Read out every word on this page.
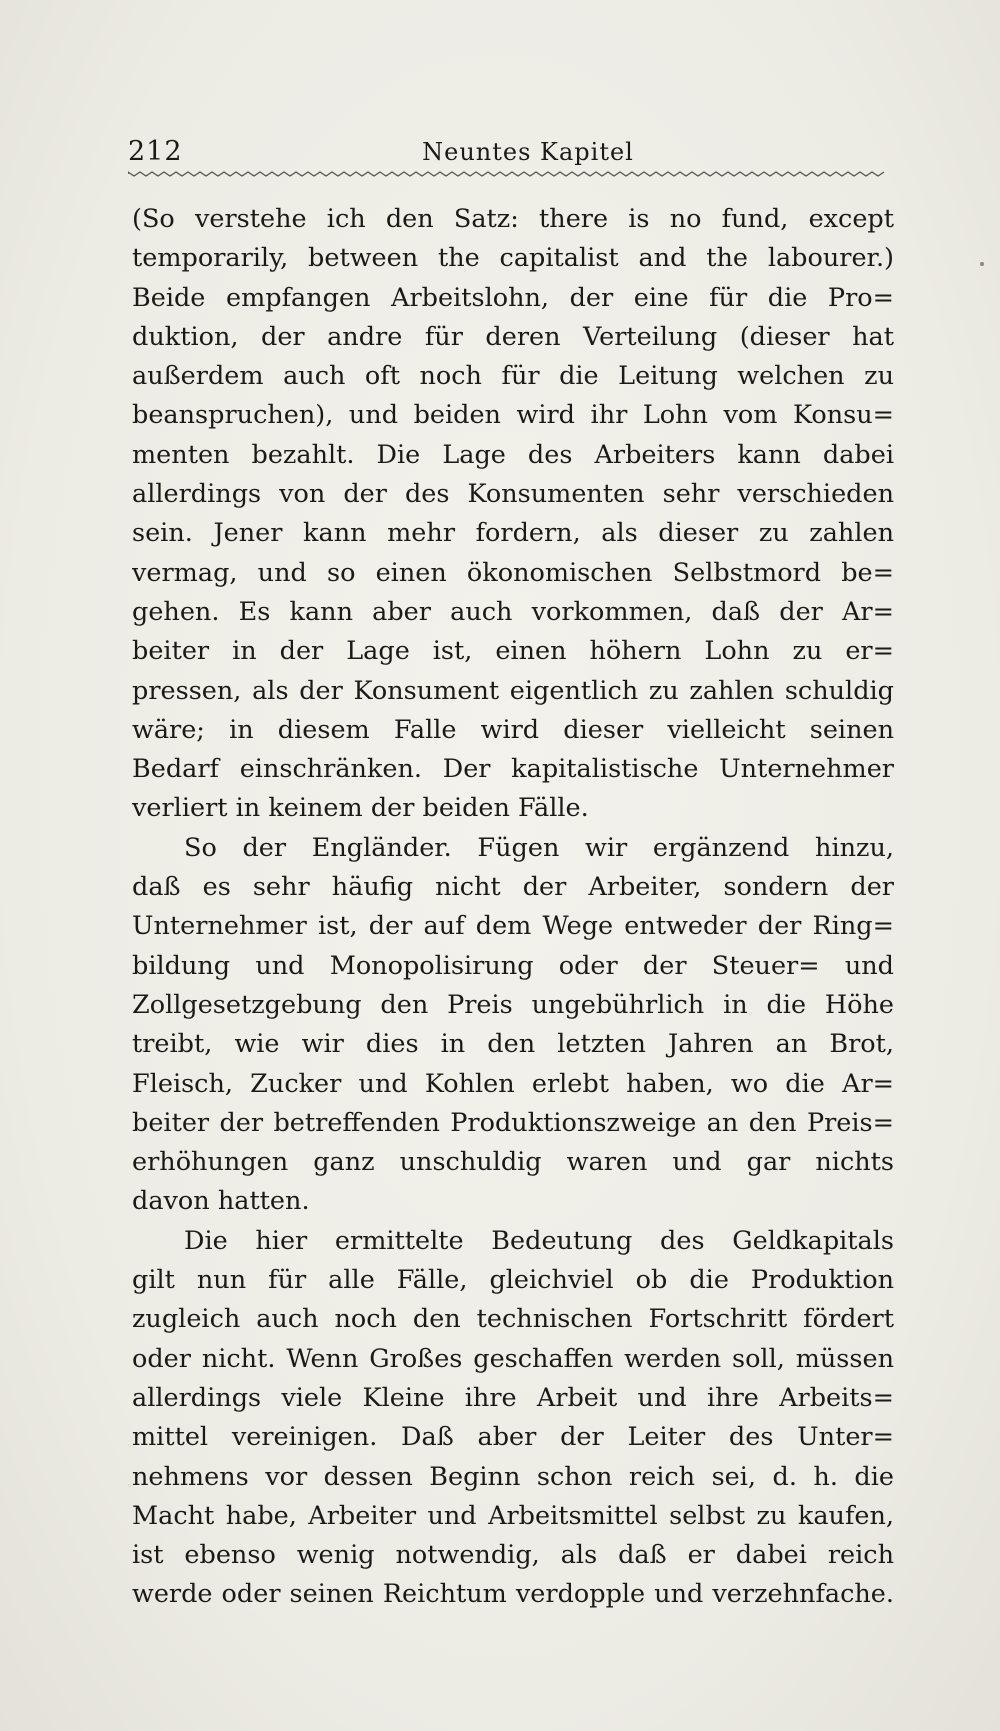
212	Neuntes Kapitel
(So verstehe ich den Satz: there is no fund, except
temporarily, between the capitalist and the labourer.)
Beide empfangen Arbeitslohn, der eine für die Pro=
duktion, der andre für deren Verteilung (dieser hat
außerdem auch oft noch für die Leitung welchen zu
beanspruchen), und beiden wird ihr Lohn vom Konsu=
menten bezahlt. Die Lage des Arbeiters kann dabei
allerdings von der des Konsumenten sehr verschieden
sein. Jener kann mehr fordern, als dieser zu zahlen
vermag, und so einen ökonomischen Selbstmord be=
gehen. Es kann aber auch vorkommen, daß der Ar=
beiter in der Lage ist, einen höhern Lohn zu er=
pressen, als der Konsument eigentlich zu zahlen schuldig
wäre; in diesem Falle wird dieser vielleicht seinen
Bedarf einschränken. Der kapitalistische Unternehmer
verliert in keinem der beiden Fälle.
So der Engländer. Fügen wir ergänzend hinzu,
daß es sehr häufig nicht der Arbeiter, sondern der
Unternehmer ist, der auf dem Wege entweder der Ring=
bildung und Monopolisirung oder der Steuer= und
Zollgesetzgebung den Preis ungebührlich in die Höhe
treibt, wie wir dies in den letzten Jahren an Brot,
Fleisch, Zucker und Kohlen erlebt haben, wo die Ar=
beiter der betreffenden Produktionszweige an den Preis=
erhöhungen ganz unschuldig waren und gar nichts
davon hatten.
Die hier ermittelte Bedeutung des Geldkapitals
gilt nun für alle Fälle, gleichviel ob die Produktion
zugleich auch noch den technischen Fortschritt fördert
oder nicht. Wenn Großes geschaffen werden soll, müssen
allerdings viele Kleine ihre Arbeit und ihre Arbeits=
mittel vereinigen. Daß aber der Leiter des Unter=
nehmens vor dessen Beginn schon reich sei, d. h. die
Macht habe, Arbeiter und Arbeitsmittel selbst zu kaufen,
ist ebenso wenig notwendig, als daß er dabei reich
werde oder seinen Reichtum verdopple und verzehnfache.
